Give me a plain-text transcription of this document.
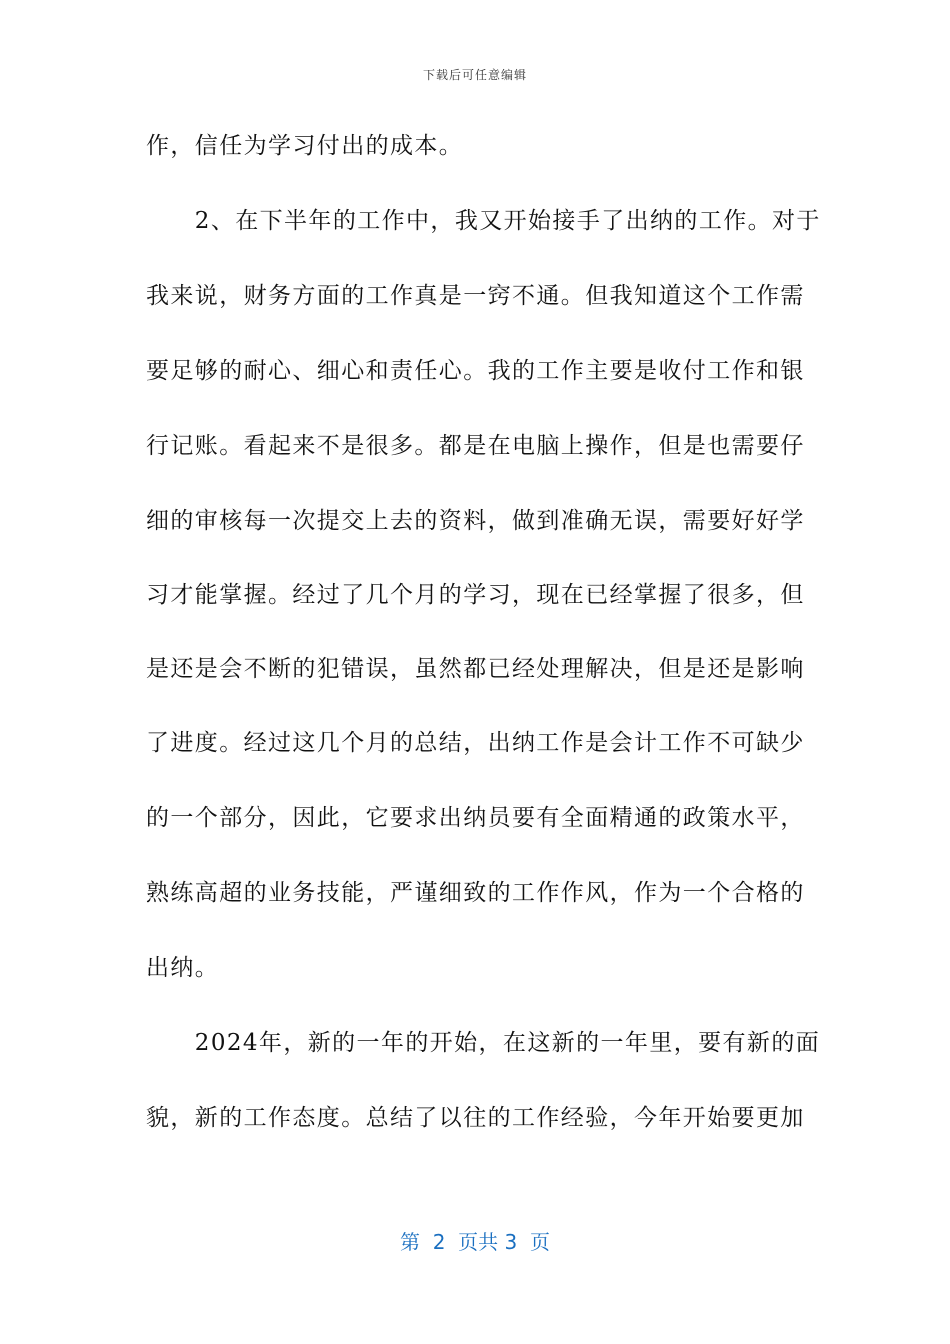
下载后可任意编辑
作，信任为学习付出的成本。
　　2、在下半年的工作中，我又开始接手了出纳的工作。对于
我来说，财务方面的工作真是一窍不通。但我知道这个工作需
要足够的耐心、细心和责任心。我的工作主要是收付工作和银
行记账。看起来不是很多。都是在电脑上操作，但是也需要仔
细的审核每一次提交上去的资料，做到准确无误，需要好好学
习才能掌握。经过了几个月的学习，现在已经掌握了很多，但
是还是会不断的犯错误，虽然都已经处理解决，但是还是影响
了进度。经过这几个月的总结，出纳工作是会计工作不可缺少
的一个部分，因此，它要求出纳员要有全面精通的政策水平，
熟练高超的业务技能，严谨细致的工作作风，作为一个合格的
出纳。
　　2024年，新的一年的开始，在这新的一年里，要有新的面
貌，新的工作态度。总结了以往的工作经验，今年开始要更加
第  2  页共 3  页
